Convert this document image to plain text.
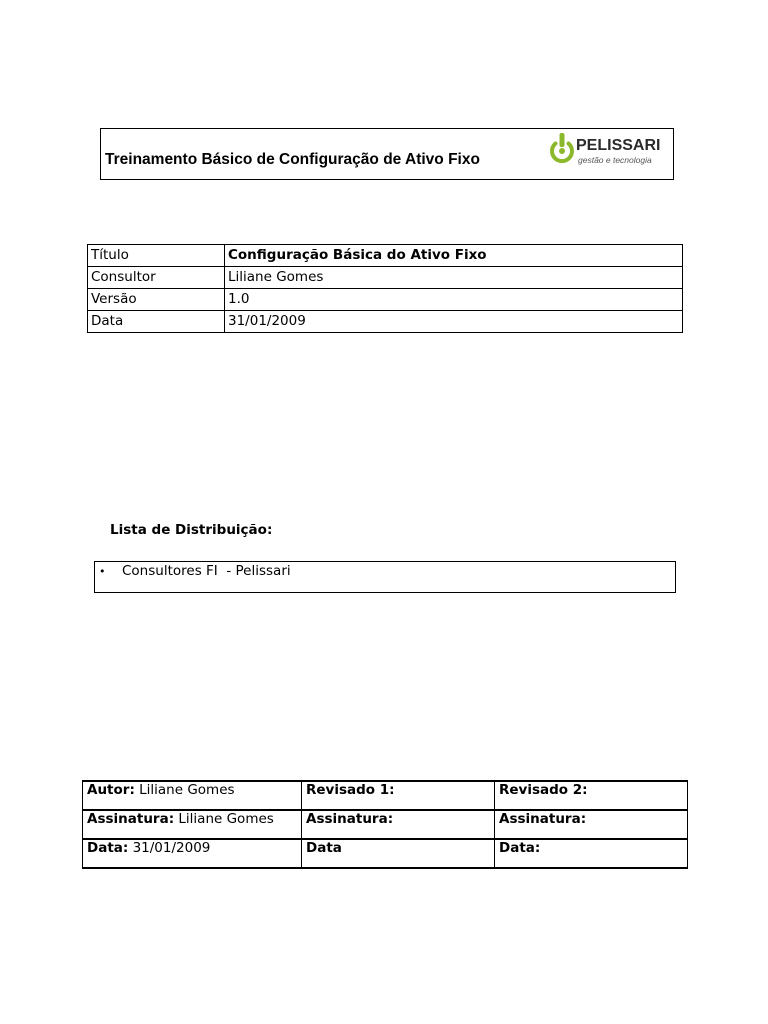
Treinamento Básico de Configuração de Ativo Fixo
PELISSARI
gestão e tecnologia
Título	Configuração Básica do Ativo Fixo
Consultor	Liliane Gomes
Versão	1.0
Data	31/01/2009
Lista de Distribuição:
• Consultores FI  - Pelissari
Autor: Liliane Gomes	Revisado 1:	Revisado 2:
Assinatura: Liliane Gomes	Assinatura:	Assinatura:
Data: 31/01/2009	Data	Data:
